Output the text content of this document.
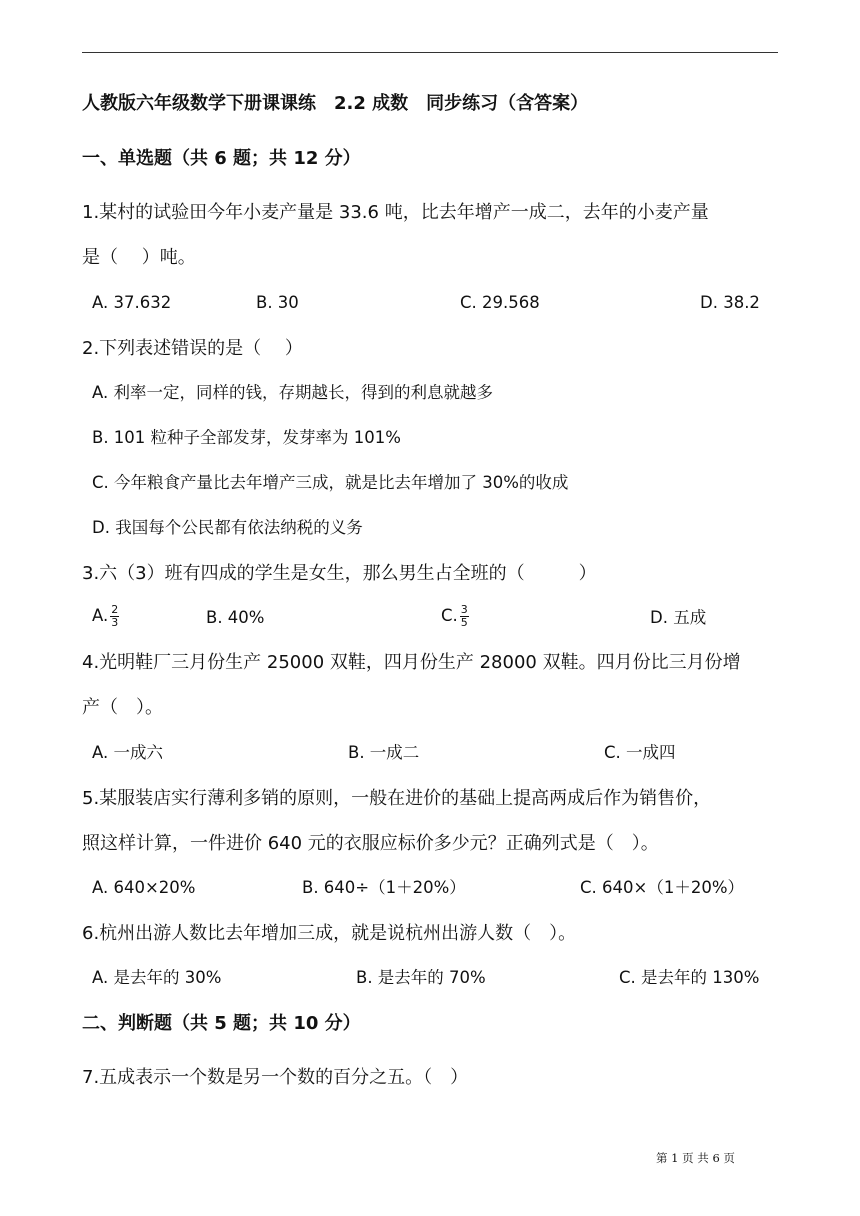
人教版六年级数学下册课课练　2.2 成数　同步练习（含答案）
一、单选题（共 6 题；共 12 分）
1.某村的试验田今年小麦产量是 33.6 吨，比去年增产一成二，去年的小麦产量
是（　 ）吨。
A. 37.632	B. 30	C. 29.568	D. 38.2
2.下列表述错误的是（　 ）
A. 利率一定，同样的钱，存期越长，得到的利息就越多
B. 101 粒种子全部发芽，发芽率为 101%
C. 今年粮食产量比去年增产三成，就是比去年增加了 30%的收成
D. 我国每个公民都有依法纳税的义务
3.六（3）班有四成的学生是女生，那么男生占全班的（　　　）
A. $\frac{2}{3}$	B. 40%	C. $\frac{3}{5}$	D. 五成
4.光明鞋厂三月份生产 25000 双鞋，四月份生产 28000 双鞋。四月份比三月份增
产（　）。
A. 一成六	B. 一成二	C. 一成四
5.某服装店实行薄利多销的原则，一般在进价的基础上提高两成后作为销售价，
照这样计算，一件进价 640 元的衣服应标价多少元？正确列式是（　）。
A. 640×20%	B. 640÷（1＋20%）	C. 640×（1＋20%）
6.杭州出游人数比去年增加三成，就是说杭州出游人数（　）。
A. 是去年的 30%	B. 是去年的 70%	C. 是去年的 130%
二、判断题（共 5 题；共 10 分）
7.五成表示一个数是另一个数的百分之五。（　）
第 1 页 共 6 页
